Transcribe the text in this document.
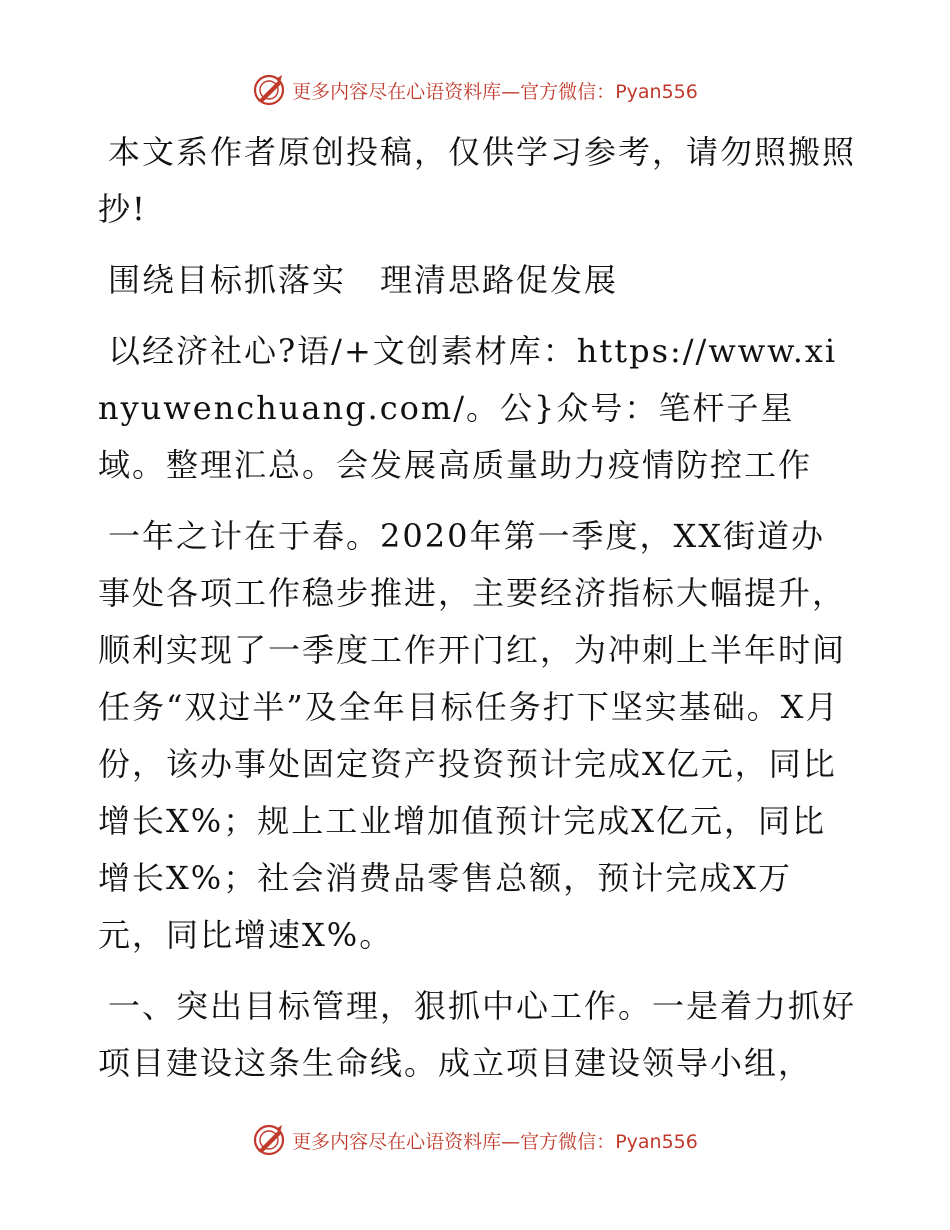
更多内容尽在心语资料库—官方微信：Pyan556

本文系作者原创投稿，仅供学习参考，请勿照搬照抄!

围绕目标抓落实　理清思路促发展

以经济社心?语/+文创素材库：https://www.xinyuwenchuang.com/。公}众号：笔杆子星域。整理汇总。会发展高质量助力疫情防控工作

一年之计在于春。2020年第一季度，XX街道办事处各项工作稳步推进，主要经济指标大幅提升，顺利实现了一季度工作开门红，为冲刺上半年时间任务“双过半”及全年目标任务打下坚实基础。X月份，该办事处固定资产投资预计完成X亿元，同比增长X%；规上工业增加值预计完成X亿元，同比增长X%；社会消费品零售总额，预计完成X万元，同比增速X%。

一、突出目标管理，狠抓中心工作。一是着力抓好项目建设这条生命线。成立项目建设领导小组，

更多内容尽在心语资料库—官方微信：Pyan556
